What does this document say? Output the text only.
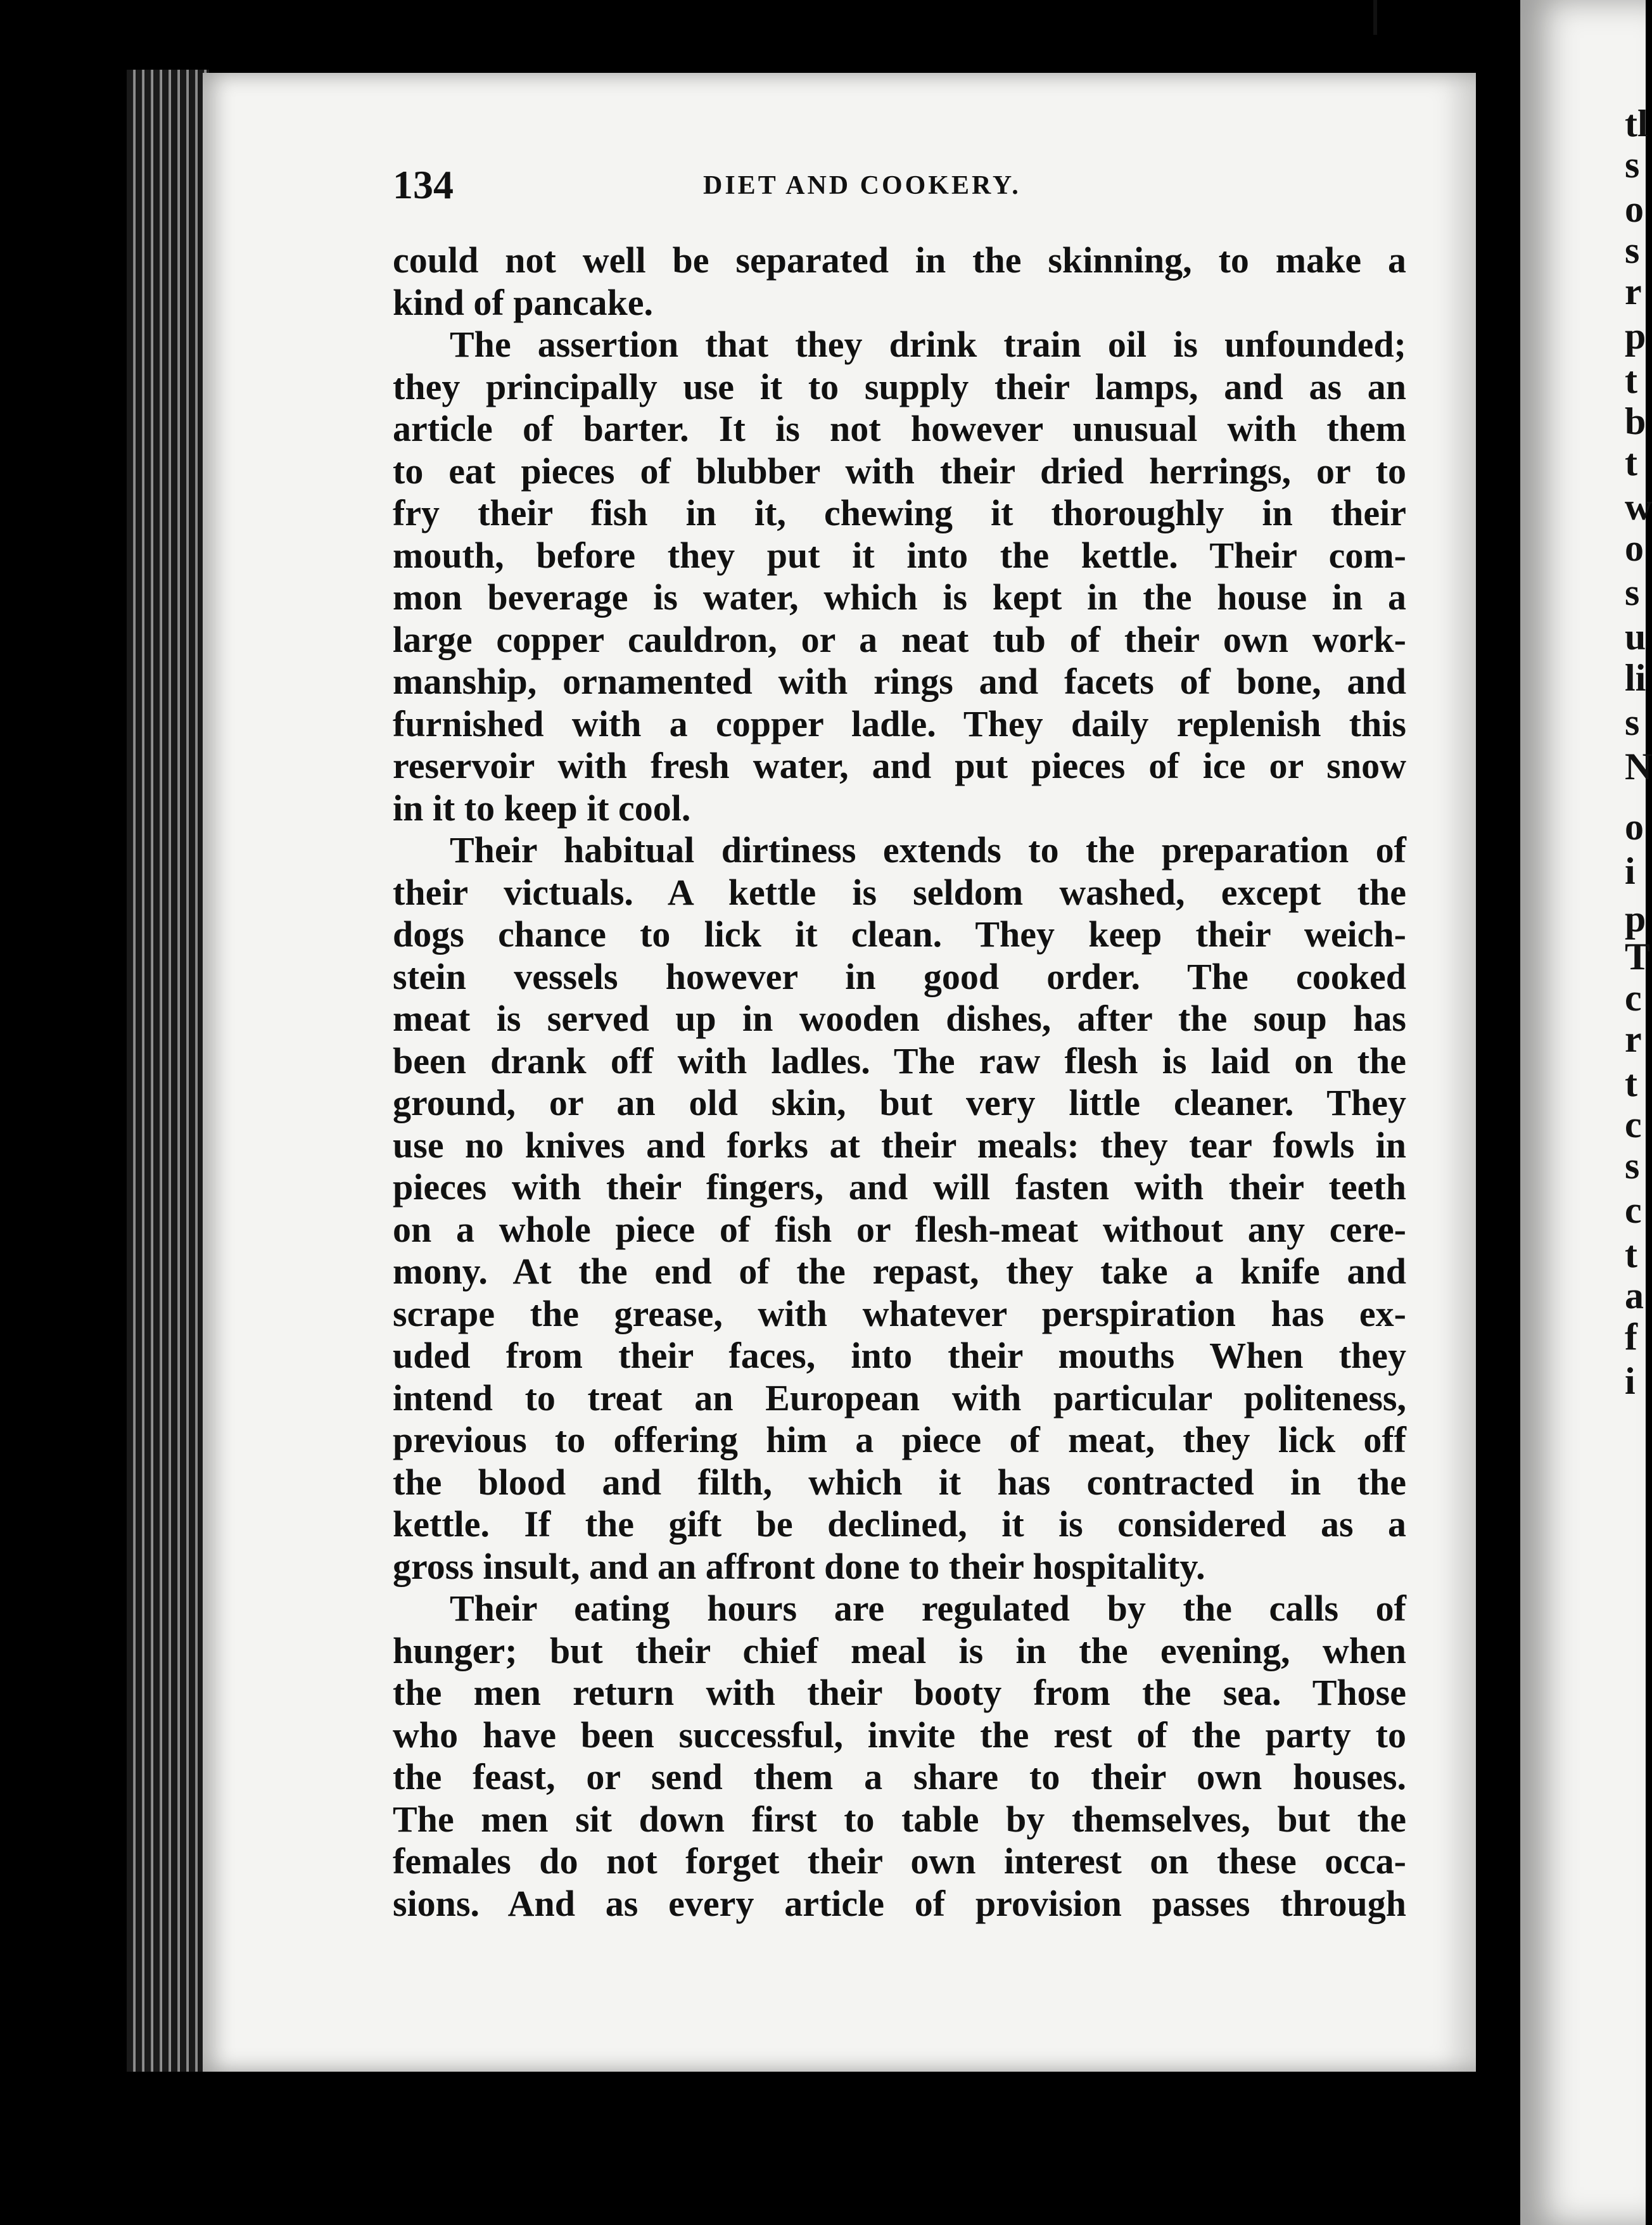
tl
s
o
s
r
p
t
b
t
w
o
s
u
li
s
N
o
i
p
T
c
r
t
c
s
c
t
a
f
i
134	DIET AND COOKERY.
could not well be separated in the skinning, to make a
kind of pancake.
The assertion that they drink train oil is unfounded;
they principally use it to supply their lamps, and as an
article of barter. It is not however unusual with them
to eat pieces of blubber with their dried herrings, or to
fry their fish in it, chewing it thoroughly in their
mouth, before they put it into the kettle. Their com-
mon beverage is water, which is kept in the house in a
large copper cauldron, or a neat tub of their own work-
manship, ornamented with rings and facets of bone, and
furnished with a copper ladle. They daily replenish this
reservoir with fresh water, and put pieces of ice or snow
in it to keep it cool.
Their habitual dirtiness extends to the preparation of
their victuals. A kettle is seldom washed, except the
dogs chance to lick it clean. They keep their weich-
stein vessels however in good order. The cooked
meat is served up in wooden dishes, after the soup has
been drank off with ladles. The raw flesh is laid on the
ground, or an old skin, but very little cleaner. They
use no knives and forks at their meals: they tear fowls in
pieces with their fingers, and will fasten with their teeth
on a whole piece of fish or flesh-meat without any cere-
mony. At the end of the repast, they take a knife and
scrape the grease, with whatever perspiration has ex-
uded from their faces, into their mouths When they
intend to treat an European with particular politeness,
previous to offering him a piece of meat, they lick off
the blood and filth, which it has contracted in the
kettle. If the gift be declined, it is considered as a
gross insult, and an affront done to their hospitality.
Their eating hours are regulated by the calls of
hunger; but their chief meal is in the evening, when
the men return with their booty from the sea. Those
who have been successful, invite the rest of the party to
the feast, or send them a share to their own houses.
The men sit down first to table by themselves, but the
females do not forget their own interest on these occa-
sions. And as every article of provision passes through
